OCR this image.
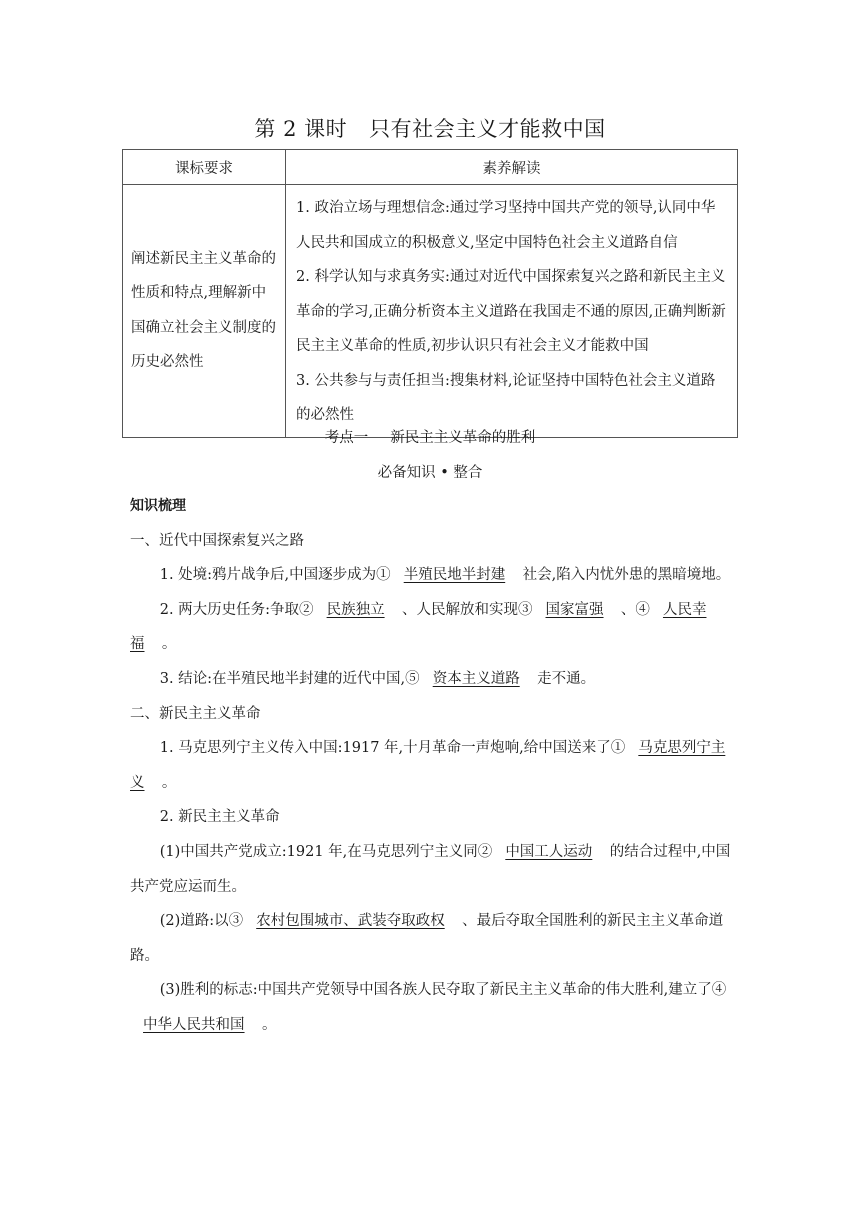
第 2 课时 只有社会主义才能救中国
课标要求	素养解读
阐述新民主主义革命的性质和特点,理解新中国确立社会主义制度的历史必然性	1. 政治立场与理想信念:通过学习坚持中国共产党的领导,认同中华人民共和国成立的积极意义,坚定中国特色社会主义道路自信
2. 科学认知与求真务实:通过对近代中国探索复兴之路和新民主主义革命的学习,正确分析资本主义道路在我国走不通的原因,正确判断新民主主义革命的性质,初步认识只有社会主义才能救中国
3. 公共参与与责任担当:搜集材料,论证坚持中国特色社会主义道路的必然性
考点一 新民主主义革命的胜利
必备知识 • 整合

知识梳理

一、近代中国探索复兴之路

1. 处境:鸦片战争后,中国逐步成为① 半殖民地半封建 社会,陷入内忧外患的黑暗境地。

2. 两大历史任务:争取② 民族独立 、人民解放和实现③ 国家富强 、④ 人民幸福 。

3. 结论:在半殖民地半封建的近代中国,⑤ 资本主义道路 走不通。

二、新民主主义革命

1. 马克思列宁主义传入中国:1917 年,十月革命一声炮响,给中国送来了① 马克思列宁主义 。

2. 新民主主义革命

(1)中国共产党成立:1921 年,在马克思列宁主义同② 中国工人运动 的结合过程中,中国共产党应运而生。

(2)道路:以③ 农村包围城市、武装夺取政权 、最后夺取全国胜利的新民主主义革命道路。

(3)胜利的标志:中国共产党领导中国各族人民夺取了新民主主义革命的伟大胜利,建立了④中华人民共和国 。
